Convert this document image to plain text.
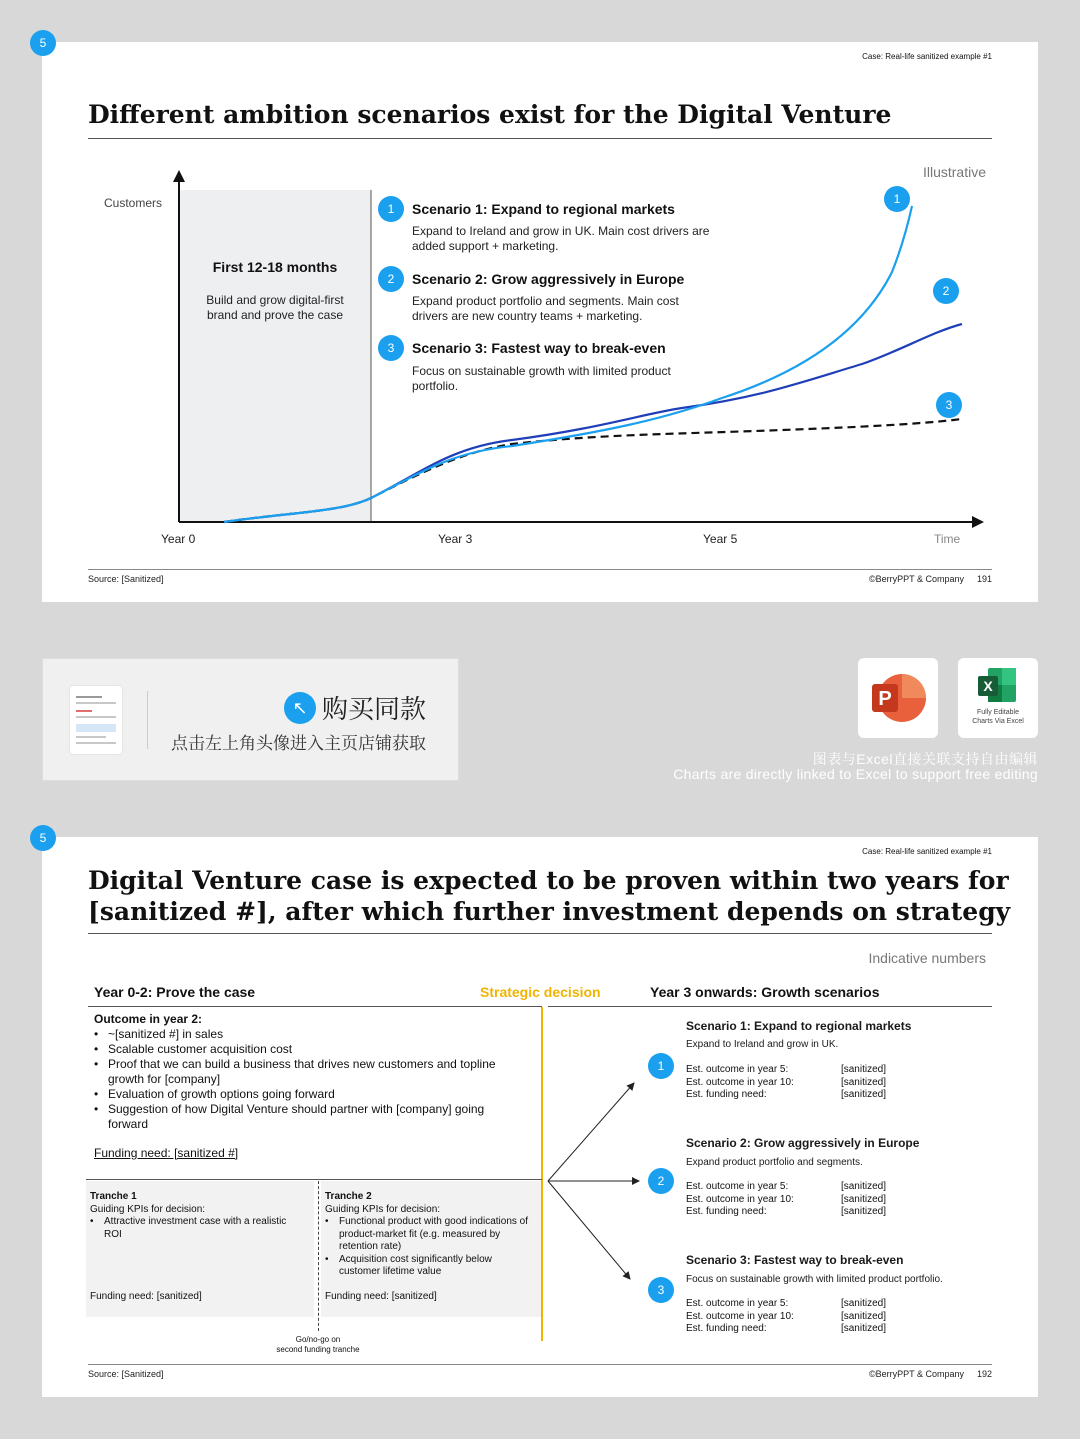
5
Case: Real-life sanitized example #1
Different ambition scenarios exist for the Digital Venture
Illustrative
Customers
First 12-18 months
Build and grow digital-first brand and prove the case
1	Scenario 1: Expand to regional markets
Expand to Ireland and grow in UK. Main cost drivers are added support + marketing.
2	Scenario 2: Grow aggressively in Europe
Expand product portfolio and segments. Main cost drivers are new country teams + marketing.
3	Scenario 3: Fastest way to break-even
Focus on sustainable growth with limited product portfolio.
1
2
3
Year 0	Year 3	Year 5	Time
Source: [Sanitized]	©BerryPPT & Company 191
↖ 购买同款
点击左上角头像进入主页店铺获取
P
X
Fully Editable
Charts Via Excel
图表与Excel直接关联支持自由编辑
Charts are directly linked to Excel to support free editing
5
Case: Real-life sanitized example #1
Digital Venture case is expected to be proven within two years for
[sanitized #], after which further investment depends on strategy
Indicative numbers
Year 0-2: Prove the case	Strategic decision	Year 3 onwards: Growth scenarios
Outcome in year 2:
• ~[sanitized #] in sales
• Scalable customer acquisition cost
• Proof that we can build a business that drives new customers and topline growth for [company]
• Evaluation of growth options going forward
• Suggestion of how Digital Venture should partner with [company] going forward
Funding need: [sanitized #]
Tranche 1
Guiding KPIs for decision:
• Attractive investment case with a realistic ROI
Funding need: [sanitized]
Tranche 2
Guiding KPIs for decision:
• Functional product with good indications of product-market fit (e.g. measured by retention rate)
• Acquisition cost significantly below customer lifetime value
Funding need: [sanitized]
Go/no-go on
second funding tranche
1
Scenario 1: Expand to regional markets
Expand to Ireland and grow in UK.
Est. outcome in year 5:	[sanitized]
Est. outcome in year 10:	[sanitized]
Est. funding need:	[sanitized]
2
Scenario 2: Grow aggressively in Europe
Expand product portfolio and segments.
Est. outcome in year 5:	[sanitized]
Est. outcome in year 10:	[sanitized]
Est. funding need:	[sanitized]
3
Scenario 3: Fastest way to break-even
Focus on sustainable growth with limited product portfolio.
Est. outcome in year 5:	[sanitized]
Est. outcome in year 10:	[sanitized]
Est. funding need:	[sanitized]
Source: [Sanitized]	©BerryPPT & Company 192
